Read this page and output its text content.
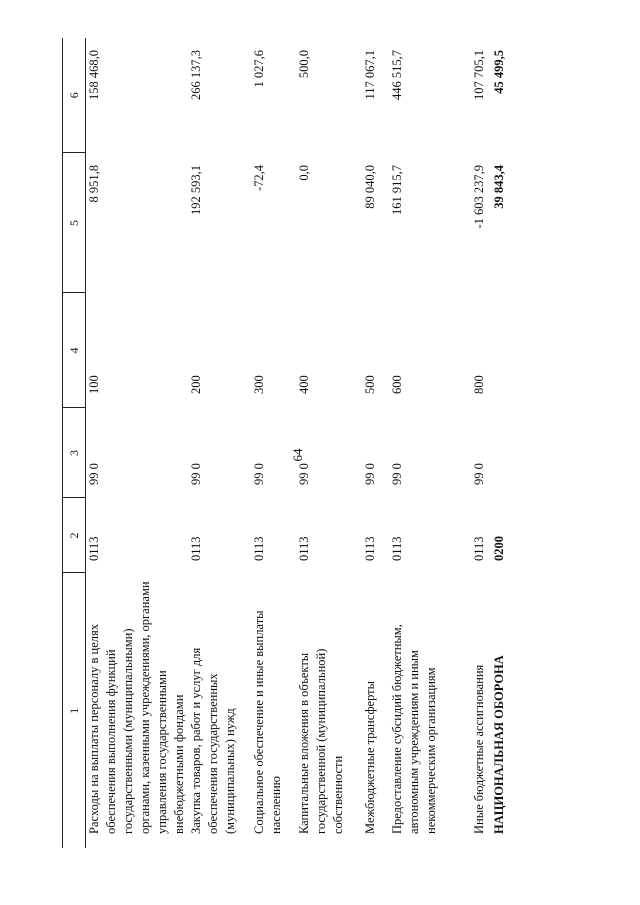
64
1	2	3	4	5	6
Расходы на выплаты персоналу в целях обеспечения выполнения функций государственными (муниципальными) органами, казенными учреждениями, органами управления государственными внебюджетными фондами	0113	99 0	100	8 951,8	158 468,0
Закупка товаров, работ и услуг для обеспечения государственных (муниципальных) нужд	0113	99 0	200	192 593,1	266 137,3
Социальное обеспечение и иные выплаты населению	0113	99 0	300	-72,4	1 027,6
Капитальные вложения в объекты государственной (муниципальной) собственности	0113	99 0	400	0,0	500,0
Межбюджетные трансферты	0113	99 0	500	89 040,0	117 067,1
Предоставление субсидий бюджетным, автономным учреждениям и иным некоммерческим организациям	0113	99 0	600	161 915,7	446 515,7
Иные бюджетные ассигнования	0113	99 0	800	-1 603 237,9	107 705,1
НАЦИОНАЛЬНАЯ ОБОРОНА	0200			39 843,4	45 499,5
